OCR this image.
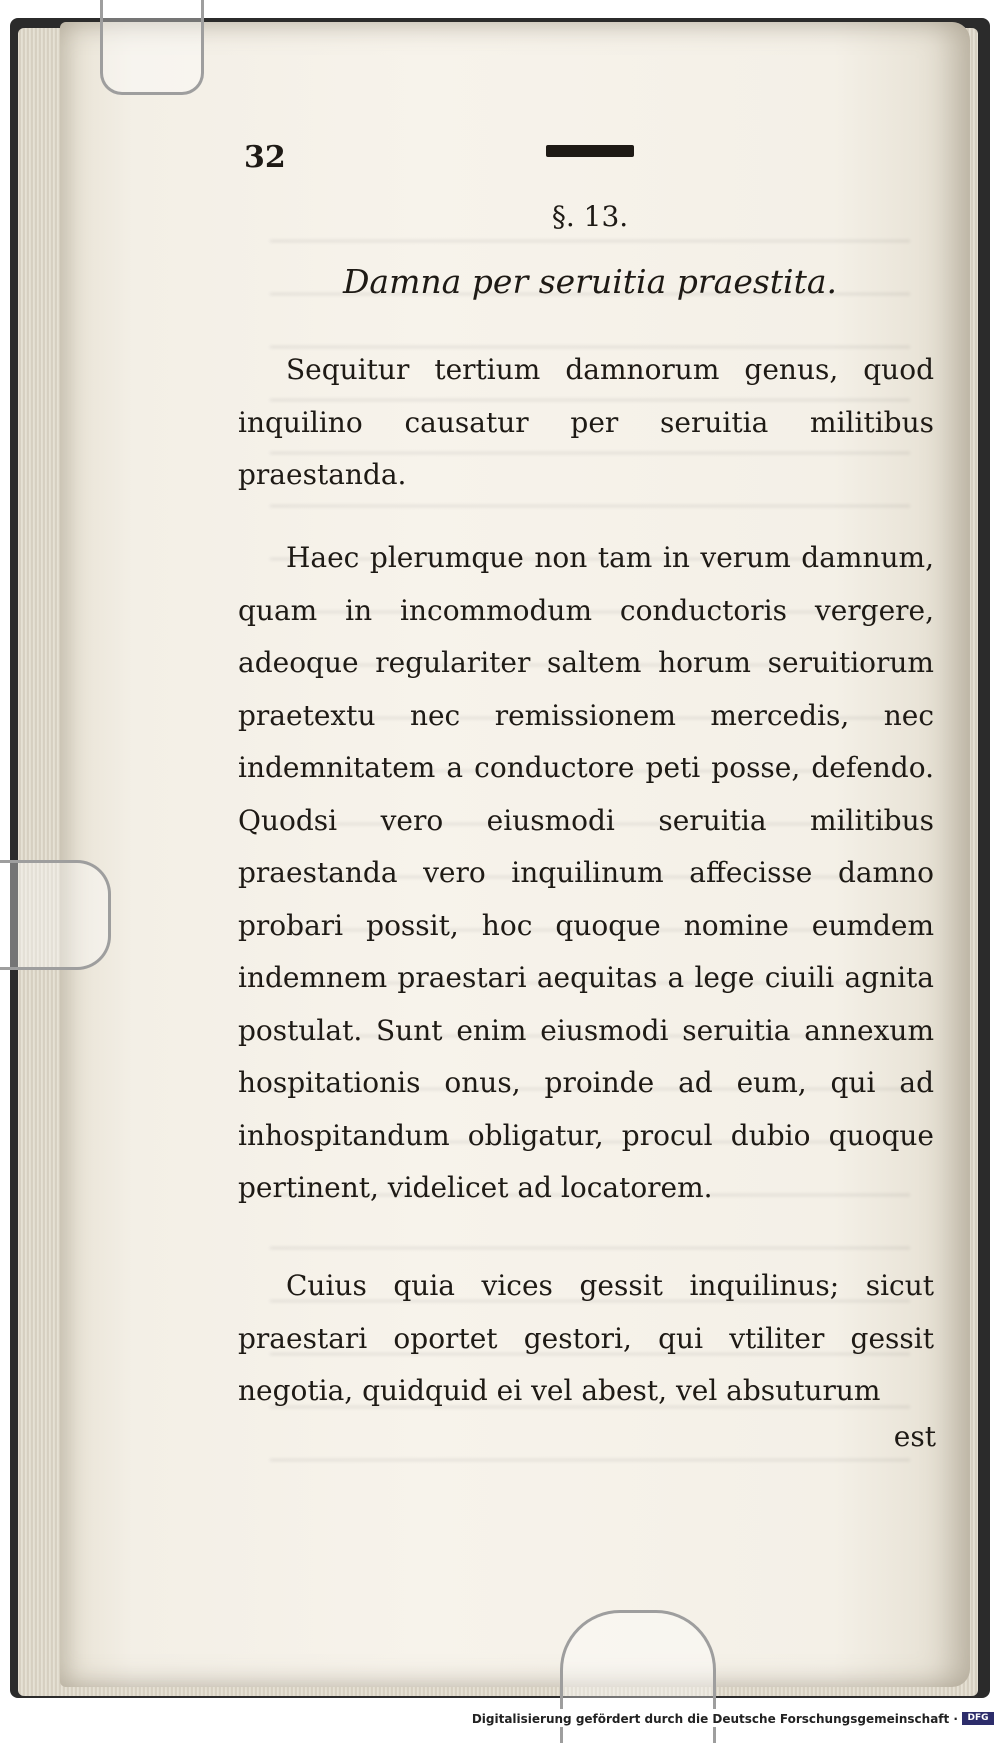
32
§. 13.
Damna per seruitia praestita.
Sequitur tertium damnorum genus, quod inquilino causatur per seruitia militibus praestanda.
Haec plerumque non tam in verum damnum, quam in incommodum conductoris vergere, adeoque regulariter saltem horum seruitiorum praetextu nec remissionem mercedis, nec indemnitatem a conductore peti posse, defendo. Quodsi vero eiusmodi seruitia militibus praestanda vero inquilinum affecisse damno probari possit, hoc quoque nomine eumdem indemnem praestari aequitas a lege ciuili agnita postulat. Sunt enim eiusmodi seruitia annexum hospitationis onus, proinde ad eum, qui ad inhospitandum obligatur, procul dubio quoque pertinent, videlicet ad locatorem.
Cuius quia vices gessit inquilinus; sicut praestari oportet gestori, qui vtiliter gessit negotia, quidquid ei vel abest, vel absuturum
est
Digitalisierung gefördert durch die Deutsche Forschungsgemeinschaft ·	DFG
